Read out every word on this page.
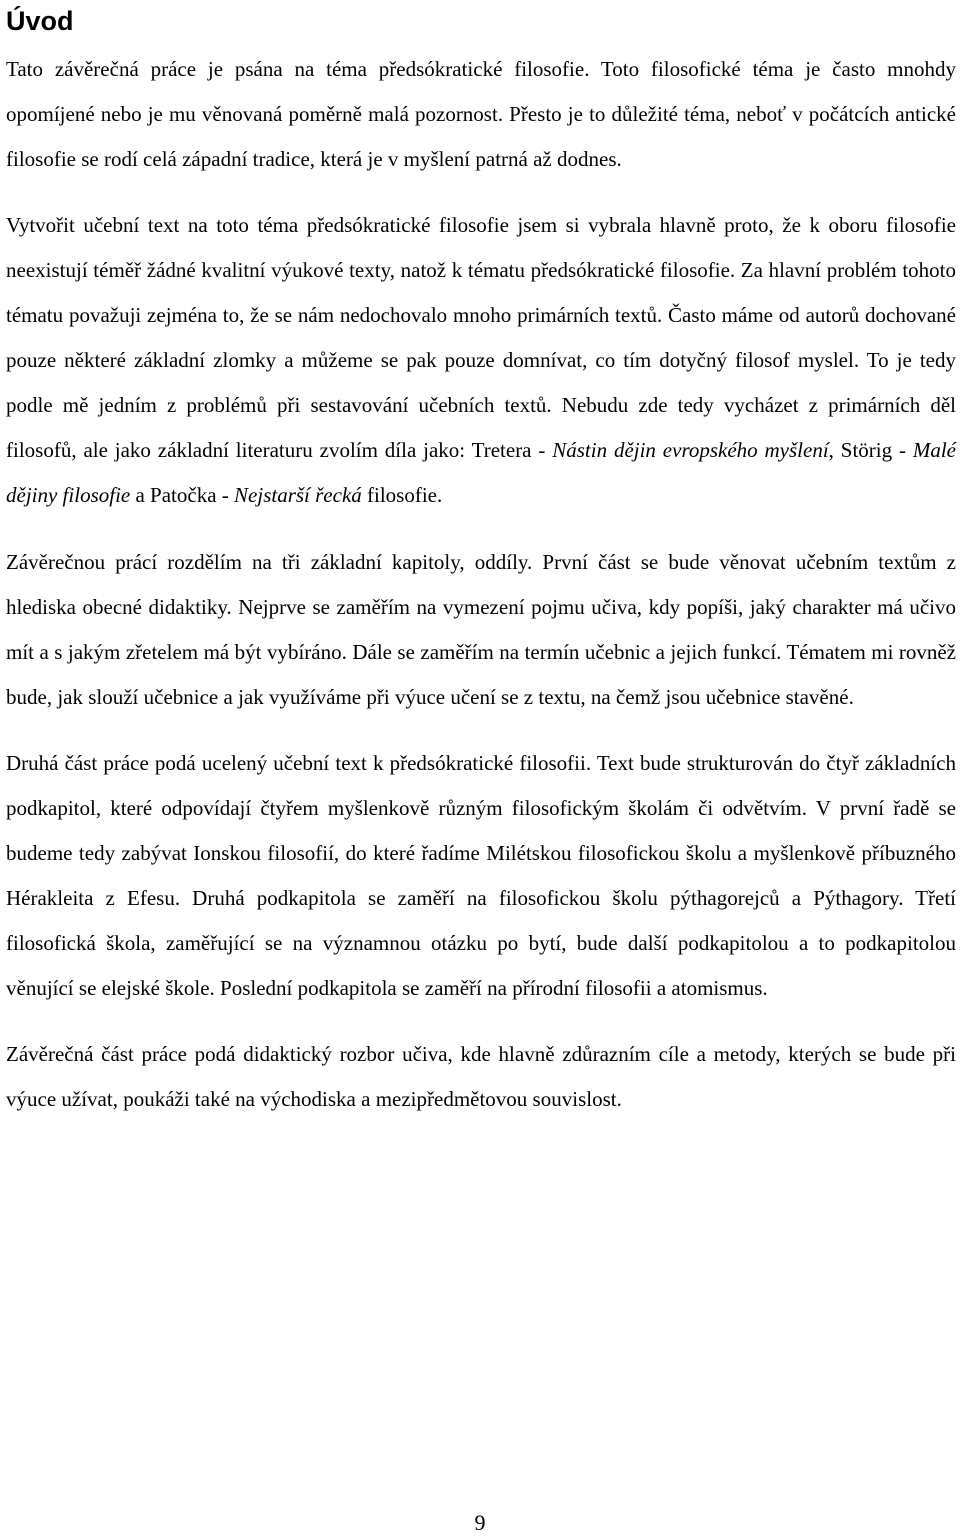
Úvod

Tato závěrečná práce je psána na téma předsókratické filosofie. Toto filosofické téma je často mnohdy opomíjené nebo je mu věnovaná poměrně malá pozornost. Přesto je to důležité téma, neboť v počátcích antické filosofie se rodí celá západní tradice, která je v myšlení patrná až dodnes.

Vytvořit učební text na toto téma předsókratické filosofie jsem si vybrala hlavně proto, že k oboru filosofie neexistují téměř žádné kvalitní výukové texty, natož k tématu předsókratické filosofie. Za hlavní problém tohoto tématu považuji zejména to, že se nám nedochovalo mnoho primárních textů. Často máme od autorů dochované pouze některé základní zlomky a můžeme se pak pouze domnívat, co tím dotyčný filosof myslel. To je tedy podle mě jedním z problémů při sestavování učebních textů. Nebudu zde tedy vycházet z primárních děl filosofů, ale jako základní literaturu zvolím díla jako: Tretera - Nástin dějin evropského myšlení, Störig - Malé dějiny filosofie a Patočka - Nejstarší řecká filosofie.

Závěrečnou prácí rozdělím na tři základní kapitoly, oddíly. První část se bude věnovat učebním textům z hlediska obecné didaktiky. Nejprve se zaměřím na vymezení pojmu učiva, kdy popíši, jaký charakter má učivo mít a s jakým zřetelem má být vybíráno. Dále se zaměřím na termín učebnic a jejich funkcí. Tématem mi rovněž bude, jak slouží učebnice a jak využíváme při výuce učení se z textu, na čemž jsou učebnice stavěné.

Druhá část práce podá ucelený učební text k předsókratické filosofii. Text bude strukturován do čtyř základních podkapitol, které odpovídají čtyřem myšlenkově různým filosofickým školám či odvětvím. V první řadě se budeme tedy zabývat Ionskou filosofií, do které řadíme Milétskou filosofickou školu a myšlenkově příbuzného Hérakleita z Efesu. Druhá podkapitola se zaměří na filosofickou školu pýthagorejců a Pýthagory. Třetí filosofická škola, zaměřující se na významnou otázku po bytí, bude další podkapitolou a to podkapitolou věnující se elejské škole. Poslední podkapitola se zaměří na přírodní filosofii a atomismus.

Závěrečná část práce podá didaktický rozbor učiva, kde hlavně zdůrazním cíle a metody, kterých se bude při výuce užívat, poukáži také na východiska a mezipředmětovou souvislost.

9
